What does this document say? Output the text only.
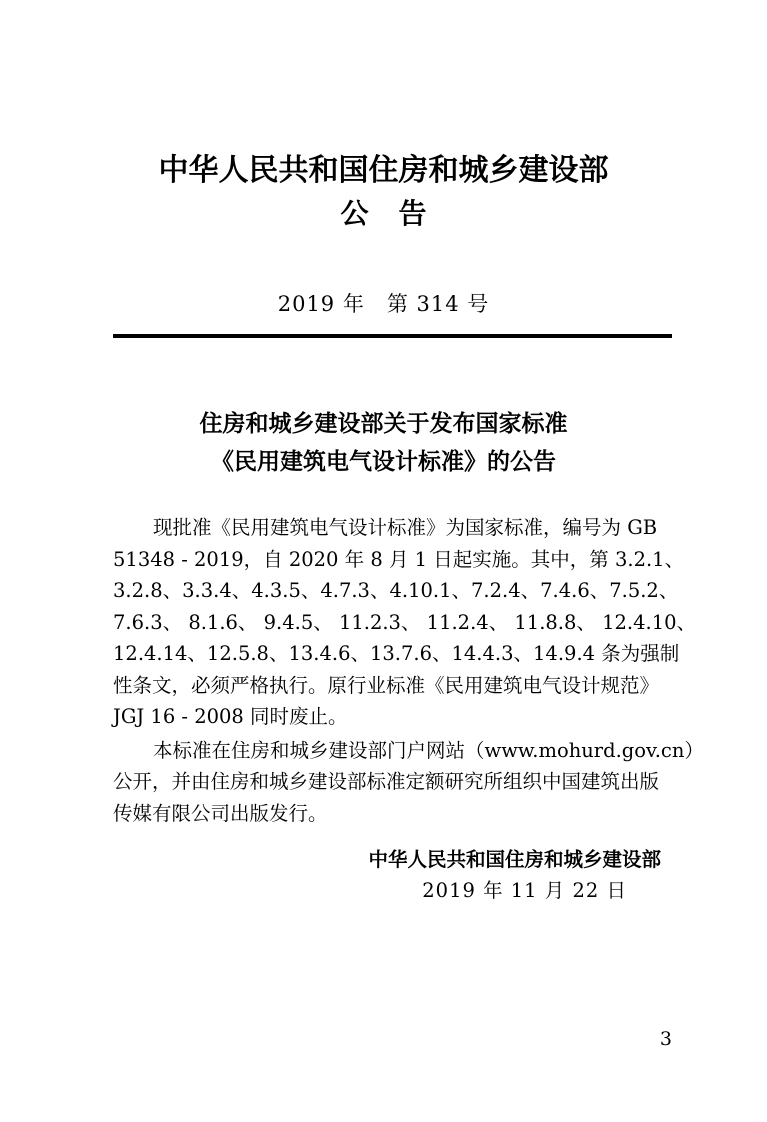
中华人民共和国住房和城乡建设部
公告
2019 年　第 314 号
住房和城乡建设部关于发布国家标准
《民用建筑电气设计标准》的公告

现批准《民用建筑电气设计标准》为国家标准，编号为 GB
51348 - 2019，自 2020 年 8 月 1 日起实施。其中，第 3.2.1、
3.2.8、3.3.4、4.3.5、4.7.3、4.10.1、7.2.4、7.4.6、7.5.2、
7.6.3、 8.1.6、 9.4.5、 11.2.3、 11.2.4、 11.8.8、 12.4.10、
12.4.14、12.5.8、13.4.6、13.7.6、14.4.3、14.9.4 条为强制
性条文，必须严格执行。原行业标准《民用建筑电气设计规范》
JGJ 16 - 2008 同时废止。

本标准在住房和城乡建设部门户网站（www.mohurd.gov.cn）
公开，并由住房和城乡建设部标准定额研究所组织中国建筑出版
传媒有限公司出版发行。

中华人民共和国住房和城乡建设部
2019 年 11 月 22 日
3
